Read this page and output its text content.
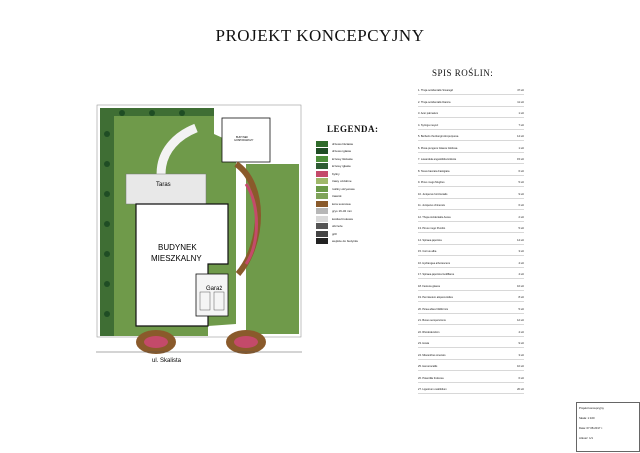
PROJEKT KONCEPCYJNY
ul. Skalista
Taras
BUDYNEK
MIESZKALNY
Garaż
BUDYNEK
GOSPODARCZY
LEGENDA:
drzewo liściaste
drzewo iglaste
krzewy liściaste
krzewy iglaste
byliny
trawy ozdobne
rośliny okrywowe
trawnik
kora sosnowa
grys 16-32 mm
kostka brukowa
obrzeże
grill
wejście do budynku
SPIS ROŚLIN:
1. Thuja occidentalis Smaragd	47 szt
2. Thuja occidentalis Danica	11 szt
3. Acer palmatum	1 szt
4. Syringa meyeri	7 szt
5. Berberis thunbergii Atropurpurea	14 szt
6. Picea pungens Glauca Globosa	1 szt
7. Lavandula angustifolia Hidcote	15 szt
8. Taxus baccata Fastigiata	6 szt
9. Pinus mugo Mughus	5 szt
10. Juniperus horizontalis	9 szt
11. Juniperus chinensis	6 szt
12. Thuja occidentalis Aurea	2 szt
13. Pinus mugo Pumilio	5 szt
14. Spiraea japonica	14 szt
15. Cornus alba	3 szt
16. Hydrangea arborescens	4 szt
17. Spiraea japonica Goldflame	4 szt
18. Festuca glauca	16 szt
19. Pennisetum alopecuroides	8 szt
20. Picea abies Nidiformis	5 szt
21. Buxus sempervirens	12 szt
22. Rhododendron	4 szt
23. Hosta	9 szt
24. Miscanthus sinensis	3 szt
25. Hemerocallis	10 szt
26. Potentilla fruticosa	6 szt
27. Ligustrum ovalifolium	20 szt
Projekt koncepcyjny
Skala: 1:100
Data: 07.08.2017 r.
Arkusz: 1/1
